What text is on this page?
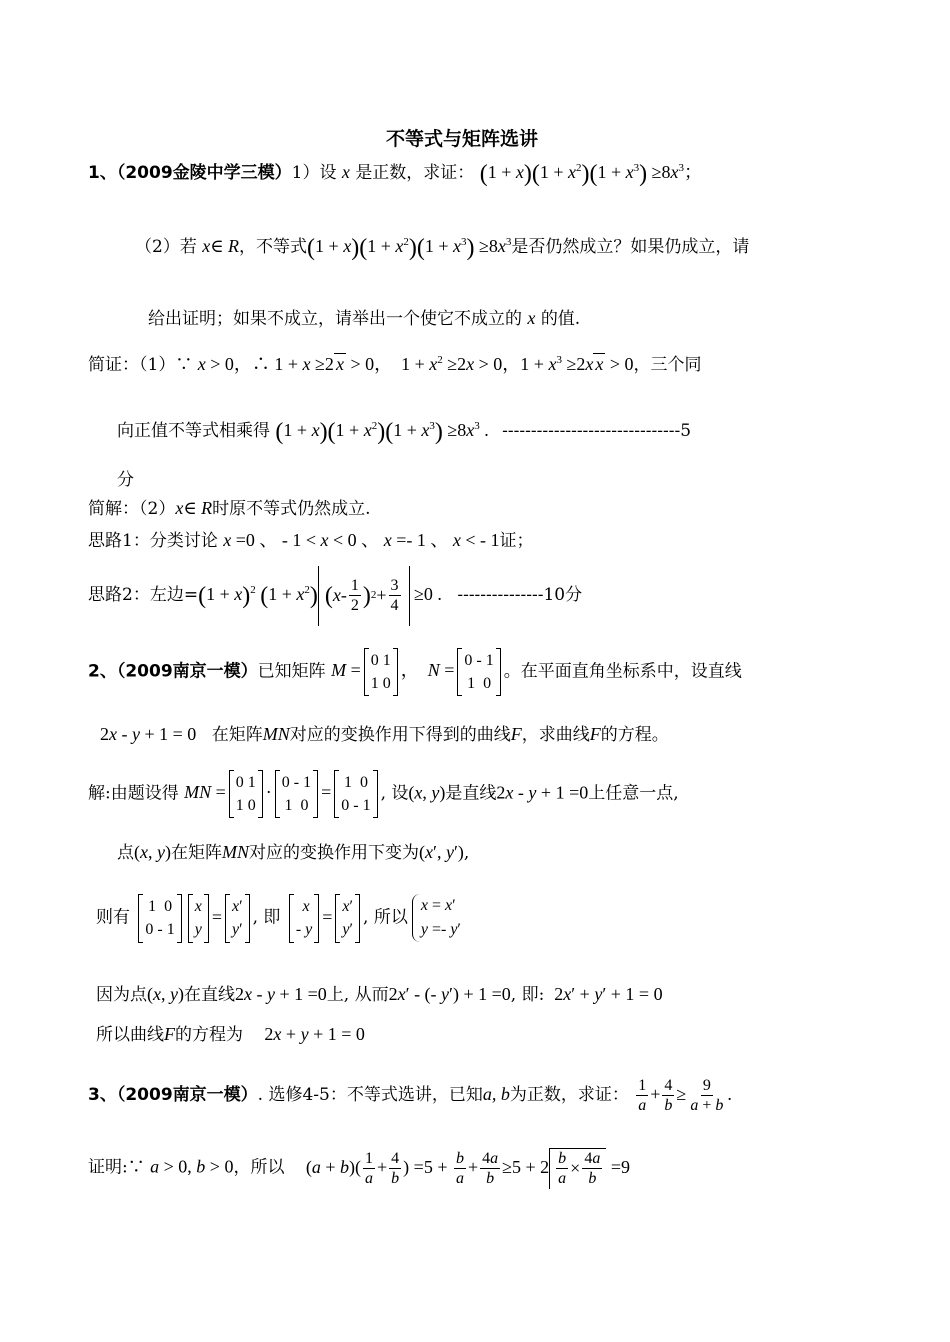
不等式与矩阵选讲
1、（2009金陵中学三模）1）设 x 是正数，求证： $(1 + x)(1 + x^2)(1 + x^3) \ge 8x^3$；
（2）若 x∈ R，不等式$(1 + x)(1 + x^2)(1 + x^3) \ge 8x^3$是否仍然成立？如果仍成立，请
给出证明；如果不成立，请举出一个使它不成立的 x 的值.
简证：（1）∵ x > 0，∴ 1 + x ≥2 x > 0，  $1 + x^2 \ge 2x > 0$，$1 + x^3 \ge 2x$ x > 0，三个同
向正值不等式相乘得 $(1 + x)(1 + x^2)(1 + x^3) \ge 8x^3$ . -------------------------------5
分
简解：（2）x∈ R时原不等式仍然成立.
思路1：分类讨论 x =0 、 - 1 < x < 0 、 x =- 1 、 x < - 1证；
思路2：左边$=(1 + x)^2$ $(1 + x^2)$ ( x - $\frac{1}{2}$ ) $2 + \frac{3}{4} \ge 0$ . ---------------10分
2、（2009南京一模）已知矩阵 M = 0 1
1 0
，  N = 0 - 1
1  0
。在平面直角坐标系中，设直线
2x - y + 1 = 0 在矩阵MN对应的变换作用下得到的曲线F，求曲线F的方程。
解:由题设得 MN = 0 1
1 0
· 0 - 1
1  0
= 1  0
0 - 1
, 设(x, y)是直线2x - y + 1 =0上任意一点,
点(x, y)在矩阵MN对应的变换作用下变为(x′, y′),
则有
1  0
0 - 1
x
y
= x′
y′
, 即
x
- y
= x′
y′
, 所以
x = x′
y =- y′
因为点(x, y)在直线2x - y + 1 =0上, 从而2x′ - (- y′) + 1 =0, 即:  2x′ + y′ + 1 = 0
所以曲线F的方程为 2x + y + 1 = 0
3、（2009南京一模）. 选修4-5：不等式选讲，已知a, b为正数，求证： $\frac{1}{a} + \frac{4}{b} \ge \frac{9}{a + b}$ .
证明:∵ a > 0, b > 0，所以 $(a + b)( \frac{1}{a} + \frac{4}{b}$ ) $=5 + \frac{b}{a} + \frac{4a}{b} \ge 5 + 2 \frac{b}{a} \times \frac{4a}{b} =9$
